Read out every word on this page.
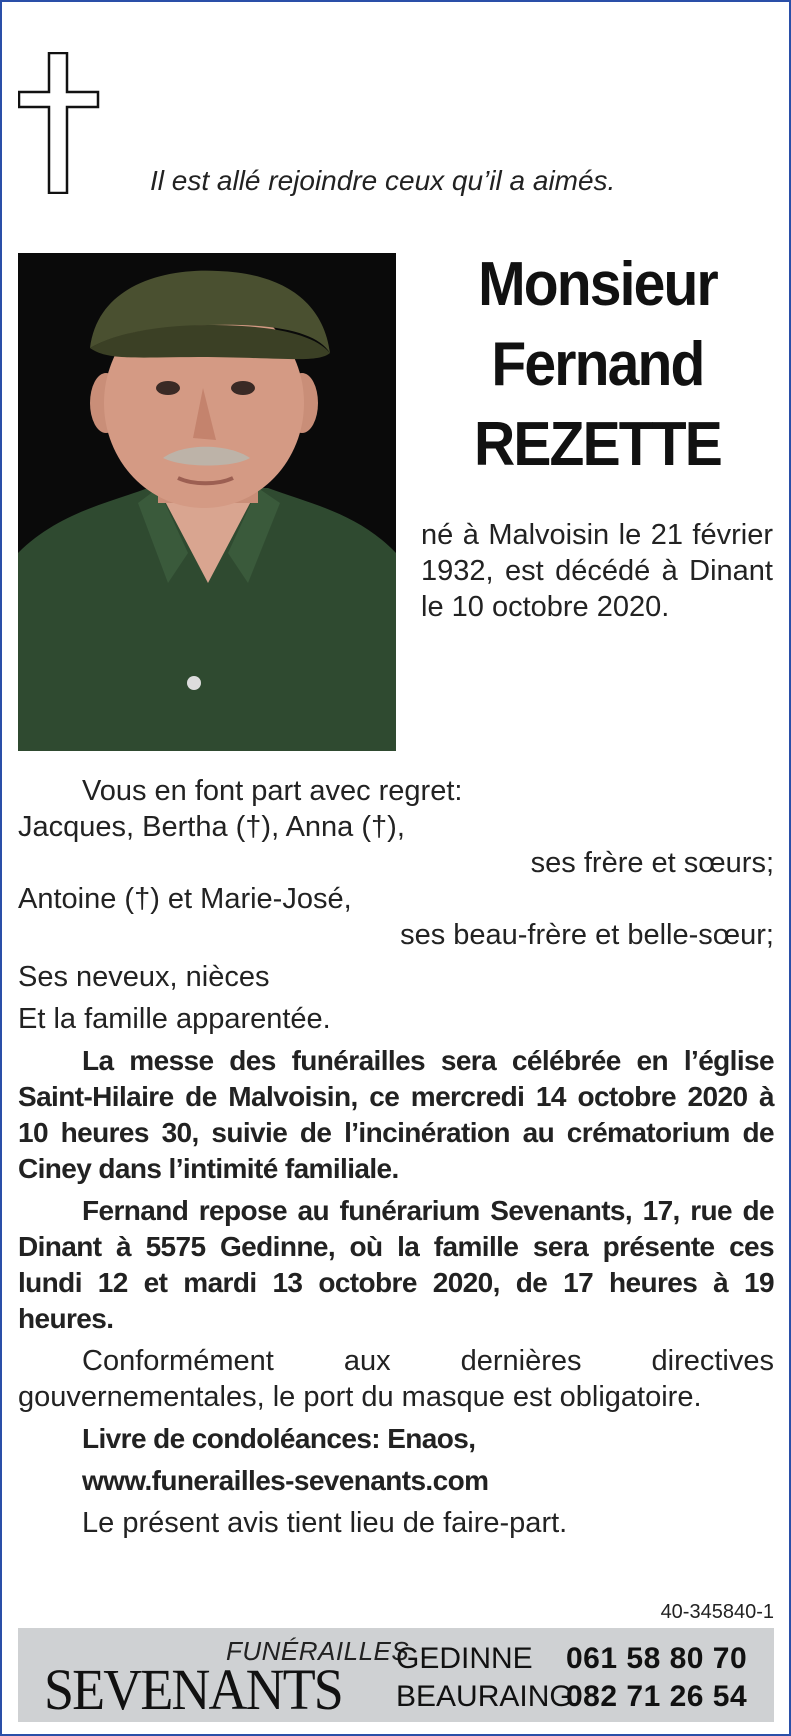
Il est allé rejoindre ceux qu’il a aimés.
Monsieur
Fernand
REZETTE
né à Malvoisin le 21 février 1932, est décédé à Dinant le 10 octobre 2020.

Vous en font part avec regret:

Jacques, Bertha (†), Anna (†),

ses frère et sœurs;

Antoine (†) et Marie-José,

ses beau-frère et belle-sœur;

Ses neveux, nièces

Et la famille apparentée.

La messe des funérailles sera célébrée en l’église Saint-Hilaire de Malvoisin, ce mercredi 14 octobre 2020 à 10 heures 30, suivie de l’incinération au crématorium de Ciney dans l’intimité familiale.

Fernand repose au funérarium Sevenants, 17, rue de Dinant à 5575 Gedinne, où la famille sera présente ces lundi 12 et mardi 13 octobre 2020, de 17 heures à 19 heures.

Conformément aux dernières directives gouvernementales, le port du masque est obligatoire.

Livre de condoléances: Enaos,

www.funerailles-sevenants.com

Le présent avis tient lieu de faire-part.

40-345840-1
FUNÉRAILLES
SEVENANTS GEDINNE 061 58 80 70
BEAURAING
082 71 26 54
